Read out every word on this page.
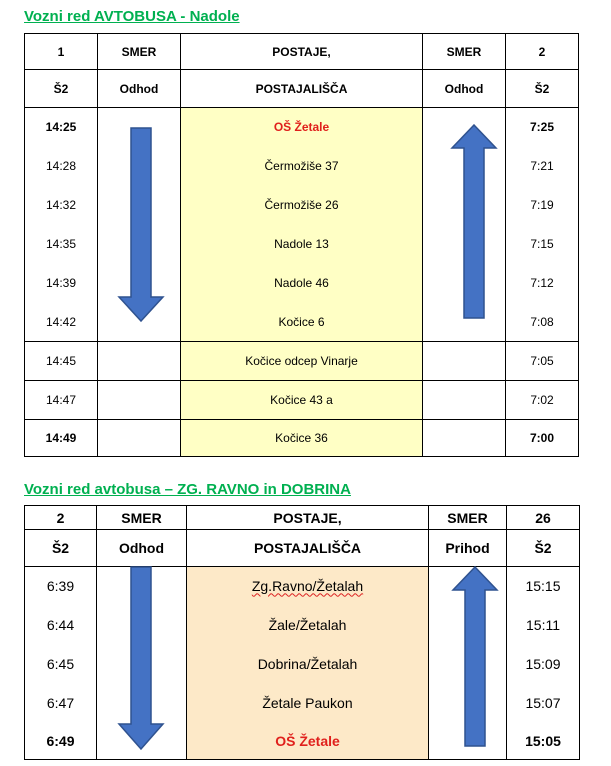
Vozni red AVTOBUSA - Nadole
1	SMER	POSTAJE,	SMER	2
Š2	Odhod	POSTAJALIŠČA	Odhod	Š2
14:25		OŠ Žetale		7:25
14:28		Čermožiše 37		7:21
14:32		Čermožiše 26		7:19
14:35		Nadole 13		7:15
14:39		Nadole 46		7:12
14:42		Kočice 6		7:08
14:45		Kočice odcep Vinarje		7:05
14:47		Kočice 43 a		7:02
14:49		Kočice 36		7:00
Vozni red avtobusa – ZG. RAVNO in DOBRINA
2	SMER	POSTAJE,	SMER	26
Š2	Odhod	POSTAJALIŠČA	Prihod	Š2
6:39		Zg.Ravno/Žetalah		15:15
6:44		Žale/Žetalah		15:11
6:45		Dobrina/Žetalah		15:09
6:47		Žetale Paukon		15:07
6:49		OŠ Žetale		15:05
